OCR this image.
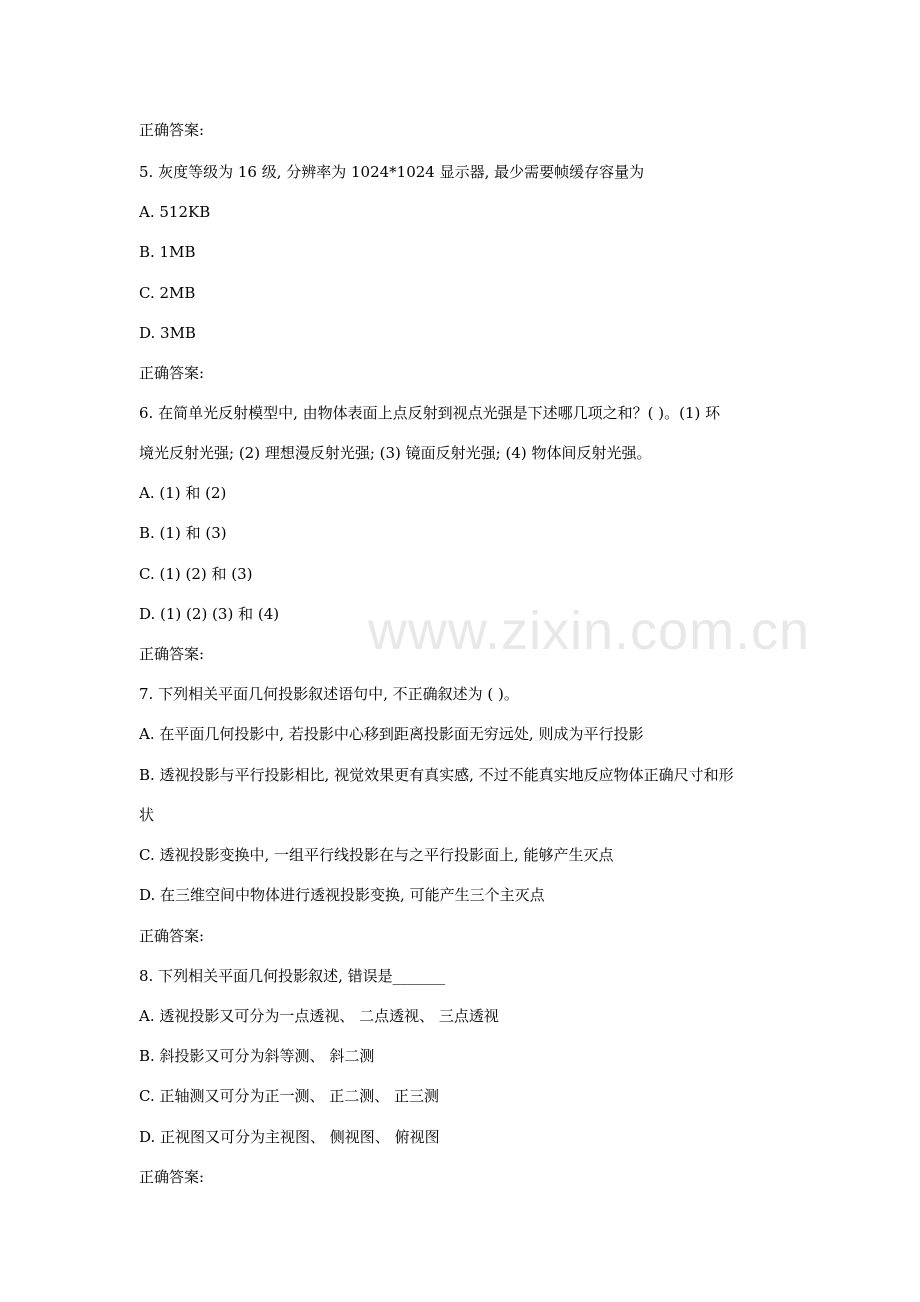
www.zixin.com.cn
正确答案:
5. 灰度等级为 16 级, 分辨率为 1024*1024 显示器, 最少需要帧缓存容量为
A. 512KB
B. 1MB
C. 2MB
D. 3MB
正确答案:
6. 在简单光反射模型中, 由物体表面上点反射到视点光强是下述哪几项之和？( )。(1) 环
境光反射光强; (2) 理想漫反射光强; (3) 镜面反射光强; (4) 物体间反射光强。
A. (1) 和 (2)
B. (1) 和 (3)
C. (1) (2) 和 (3)
D. (1) (2) (3) 和 (4)
正确答案:
7. 下列相关平面几何投影叙述语句中, 不正确叙述为 ( )。
A. 在平面几何投影中, 若投影中心移到距离投影面无穷远处, 则成为平行投影
B. 透视投影与平行投影相比, 视觉效果更有真实感, 不过不能真实地反应物体正确尺寸和形
状
C. 透视投影变换中, 一组平行线投影在与之平行投影面上, 能够产生灭点
D. 在三维空间中物体进行透视投影变换, 可能产生三个主灭点
正确答案:
8. 下列相关平面几何投影叙述, 错误是_______
A. 透视投影又可分为一点透视、 二点透视、 三点透视
B. 斜投影又可分为斜等测、 斜二测
C. 正轴测又可分为正一测、 正二测、 正三测
D. 正视图又可分为主视图、 侧视图、 俯视图
正确答案:
